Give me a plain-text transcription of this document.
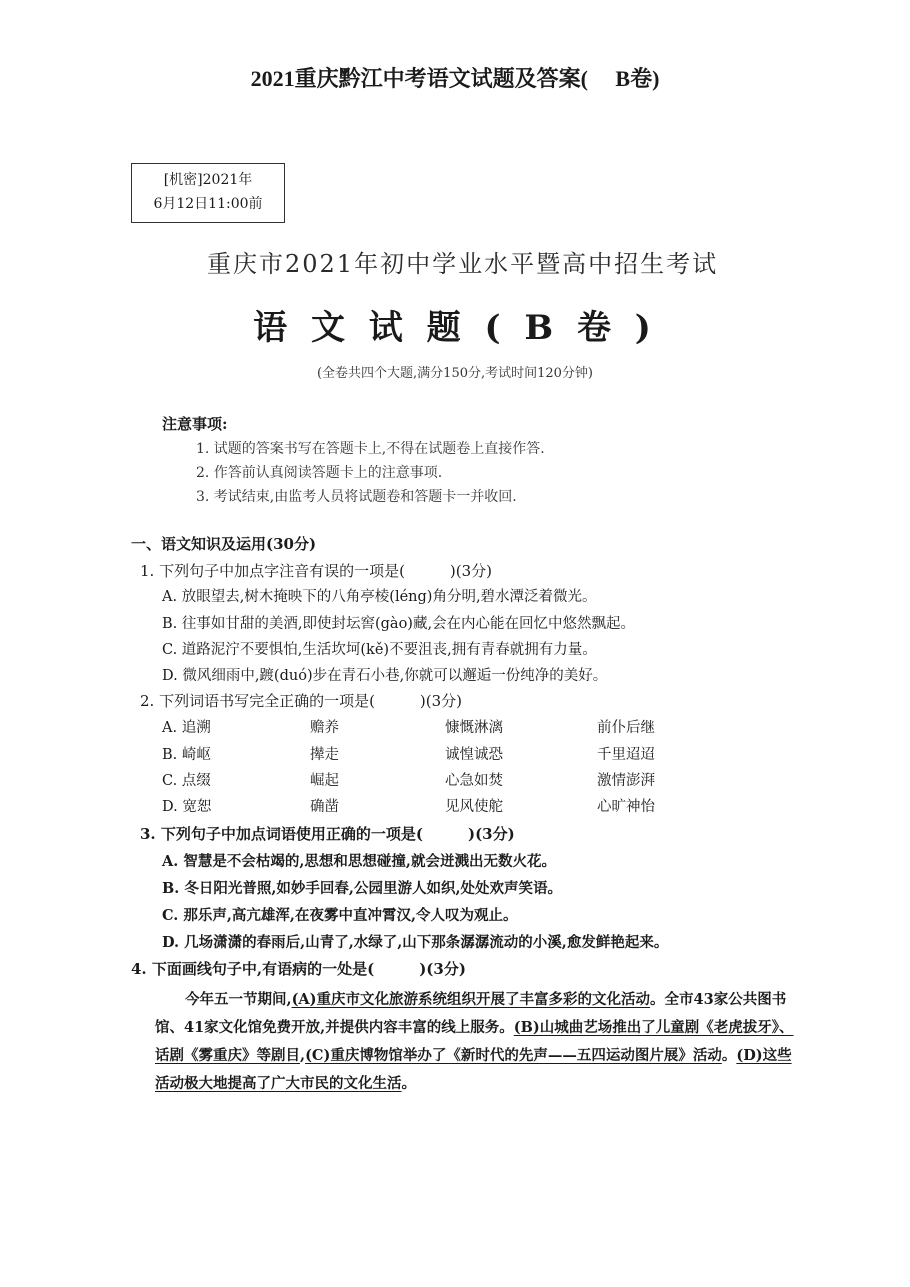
2021重庆黔江中考语文试题及答案(　 B卷)
[机密]2021年
6月12日11:00前
重庆市2021年初中学业水平暨高中招生考试
语 文 试 题 ( B 卷 )
(全卷共四个大题,满分150分,考试时间120分钟)
注意事项:
1. 试题的答案书写在答题卡上,不得在试题卷上直接作答.
2. 作答前认真阅读答题卡上的注意事项.
3. 考试结束,由监考人员将试题卷和答题卡一并收回.
一、语文知识及运用(30分)
1. 下列句子中加点字注音有误的一项是(　　　)(3分)
A. 放眼望去,树木掩映下的八角亭棱(léng)角分明,碧水潭泛着微光。
B. 往事如甘甜的美酒,即使封坛窖(gào)藏,会在内心能在回忆中悠然飘起。
C. 道路泥泞不要惧怕,生活坎坷(kě)不要沮丧,拥有青春就拥有力量。
D. 微风细雨中,踱(duó)步在青石小巷,你就可以邂逅一份纯净的美好。
2. 下列词语书写完全正确的一项是(　　　)(3分)
A. 追溯	赡养	慷慨淋漓	前仆后继
B. 崎岖	撵走	诚惶诚恐	千里迢迢
C. 点缀	崛起	心急如焚	激情澎湃
D. 宽恕	确凿	见风使舵	心旷神怡
3. 下列句子中加点词语使用正确的一项是(　　　)(3分)
A. 智慧是不会枯竭的,思想和思想碰撞,就会迸溅出无数火花。
B. 冬日阳光普照,如妙手回春,公园里游人如织,处处欢声笑语。
C. 那乐声,高亢雄浑,在夜雾中直冲霄汉,令人叹为观止。
D. 几场潇潇的春雨后,山青了,水绿了,山下那条潺潺流动的小溪,愈发鲜艳起来。
4. 下面画线句子中,有语病的一处是(　　　)(3分)
今年五一节期间,(A)重庆市文化旅游系统组织开展了丰富多彩的文化活动。全市43家公共图书馆、41家文化馆免费开放,并提供内容丰富的线上服务。(B)山城曲艺场推出了儿童剧《老虎拔牙》、话剧《雾重庆》等剧目,(C)重庆博物馆举办了《新时代的先声——五四运动图片展》活动。(D)这些活动极大地提高了广大市民的文化生活。
